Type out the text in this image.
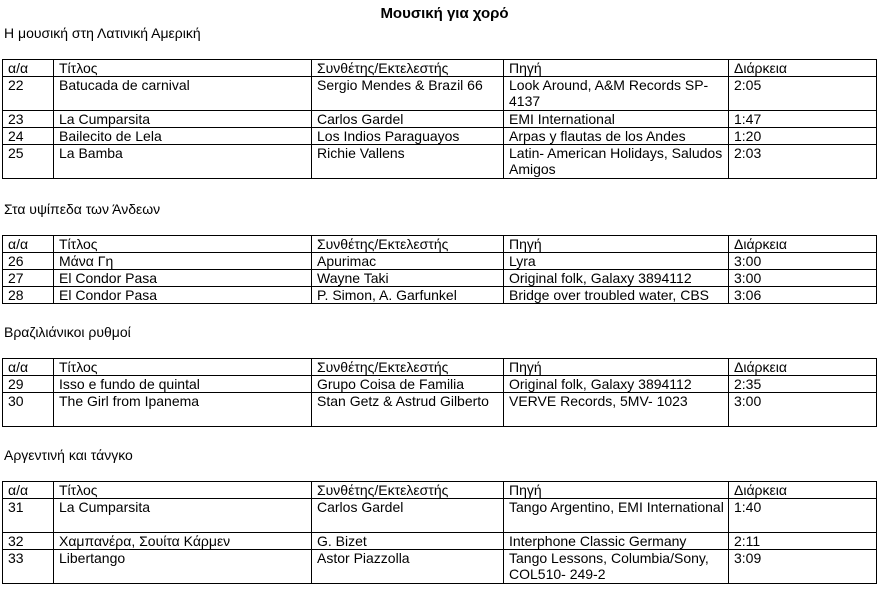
Μουσική για χορό
Η μουσική στη Λατινική Αμερική
α/α	Τίτλος	Συνθέτης/Εκτελεστής	Πηγή	Διάρκεια
22	Batucada de carnival	Sergio Mendes & Brazil 66	Look Around, A&M Records SP-4137	2:05
23	La Cumparsita	Carlos Gardel	EMI International	1:47
24	Bailecito de Lela	Los Indios Paraguayos	Arpas y flautas de los Andes	1:20
25	La Bamba	Richie Vallens	Latin- American Holidays, Saludos Amigos	2:03
Στα υψίπεδα των Άνδεων
α/α	Τίτλος	Συνθέτης/Εκτελεστής	Πηγή	Διάρκεια
26	Μάνα Γη	Apurimac	Lyra	3:00
27	El Condor Pasa	Wayne Taki	Original folk, Galaxy 3894112	3:00
28	El Condor Pasa	P. Simon, A. Garfunkel	Bridge over troubled water, CBS	3:06
Βραζιλιάνικοι ρυθμοί
α/α	Τίτλος	Συνθέτης/Εκτελεστής	Πηγή	Διάρκεια
29	Isso e fundo de quintal	Grupo Coisa de Familia	Original folk, Galaxy 3894112	2:35
30	The Girl from Ipanema	Stan Getz & Astrud Gilberto	VERVE Records, 5MV- 1023	3:00
Αργεντινή και τάνγκο
α/α	Τίτλος	Συνθέτης/Εκτελεστής	Πηγή	Διάρκεια
31	La Cumparsita	Carlos Gardel	Tango Argentino, EMI International	1:40
32	Χαμπανέρα, Σουίτα Κάρμεν	G. Bizet	Interphone Classic Germany	2:11
33	Libertango	Astor Piazzolla	Tango Lessons, Columbia/Sony, COL510- 249-2	3:09
